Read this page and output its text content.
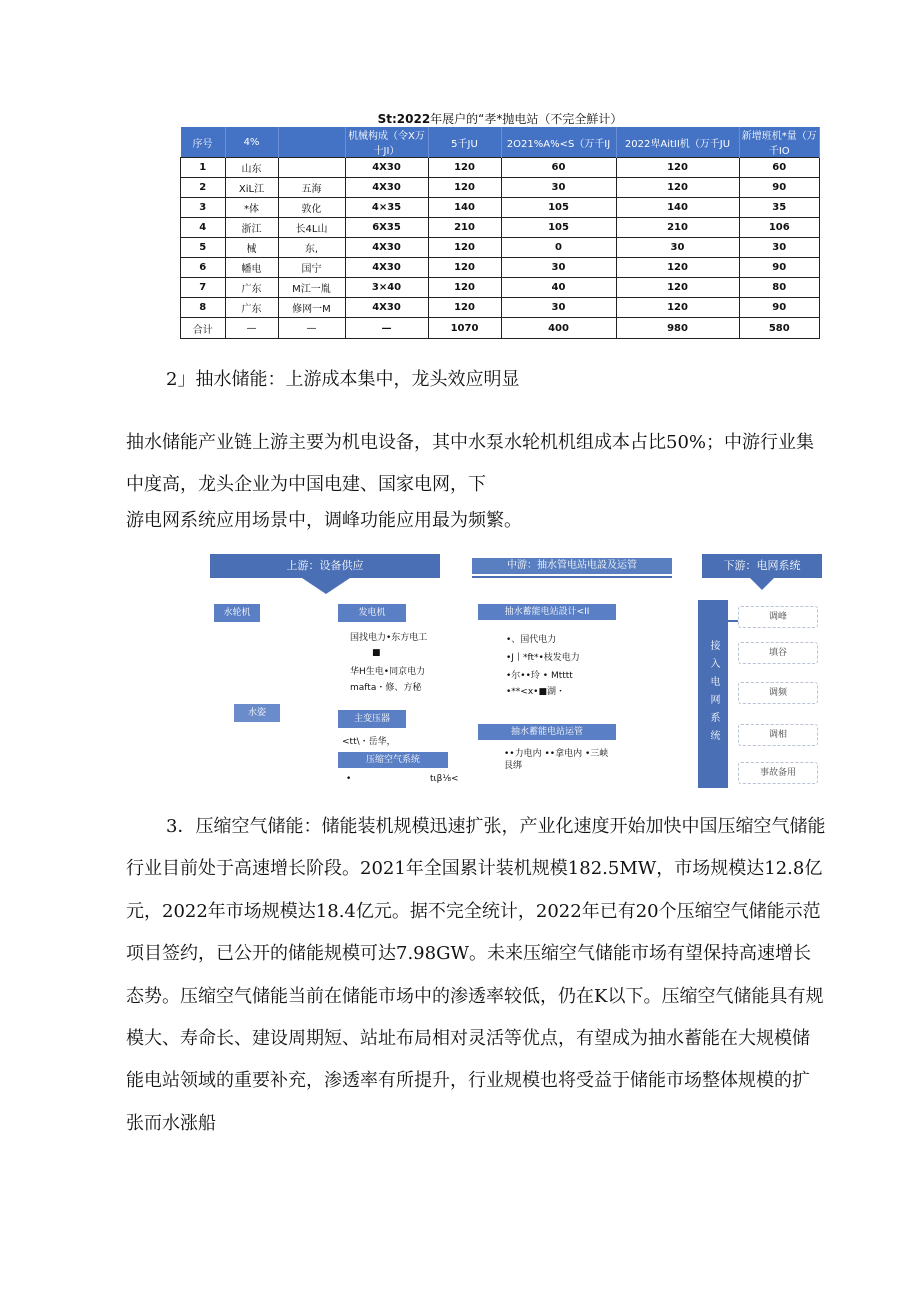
St:2022年展户的“孝*抛电站（不完全鮮计）
序号	4%		机械构成（令X万十JI）	5千JU	2O21%A%<S（万千IJ	2022卑AitII机（万千JU	新增班机*量（万千IO
1	山东		4X30	120	60	120	60
2	XiL江	五海	4X30	120	30	120	90
3	*体	敦化	4×35	140	105	140	35
4	浙江	长4L山	6X35	210	105	210	106
5	械	东,	4X30	120	0	30	30
6	幡电	国宁	4X30	120	30	120	90
7	广东	M江一胤	3×40	120	40	120	80
8	广东	修网一M	4X30	120	30	120	90
合计	—	—	—	1070	400	980	580
2」抽水储能：上游成本集中，龙头效应明显
抽水储能产业链上游主要为机电设备，其中水泵水轮机机组成本占比50%；中游行业集中度高，龙头企业为中国电建、国家电网，下
游电网系统应用场景中，调峰功能应用最为频繁。
上游：设备供应	中游：抽水管电站电設及运管	下游：电网系统
水轮机	发电机
国找电力•东方电工
■
华H生电•同京电力
mafta・修、方秘
水姿
主变压器
<tt\・岳华，
压缩空气系统
•	tιβ⅛<
抽水蓄能电站設计<II
•、国代电力
•J丨*ft*•枝发电力
•尔••玲 • Mtttt
•**<x•■湖・
抽水蓄能电站运管
••力电内 ••拿电内 •三峡
艮绑
接入电网系统
调峰
填谷
调频
调相
事故备用
3．压缩空气储能：储能装机规模迅速扩张，产业化速度开始加快中国压缩空气储能行业目前处于高速增长阶段。2021年全国累计装机规模182.5MW，市场规模达12.8亿元，2022年市场规模达18.4亿元。据不完全统计，2022年已有20个压缩空气储能示范项目签约，已公开的储能规模可达7.98GW。未来压缩空气储能市场有望保持高速增长态势。压缩空气储能当前在储能市场中的渗透率较低，仍在K以下。压缩空气储能具有规模大、寿命长、建设周期短、站址布局相对灵活等优点，有望成为抽水蓄能在大规模储能电站领域的重要补充，渗透率有所提升，行业规模也将受益于储能市场整体规模的扩张而水涨船
